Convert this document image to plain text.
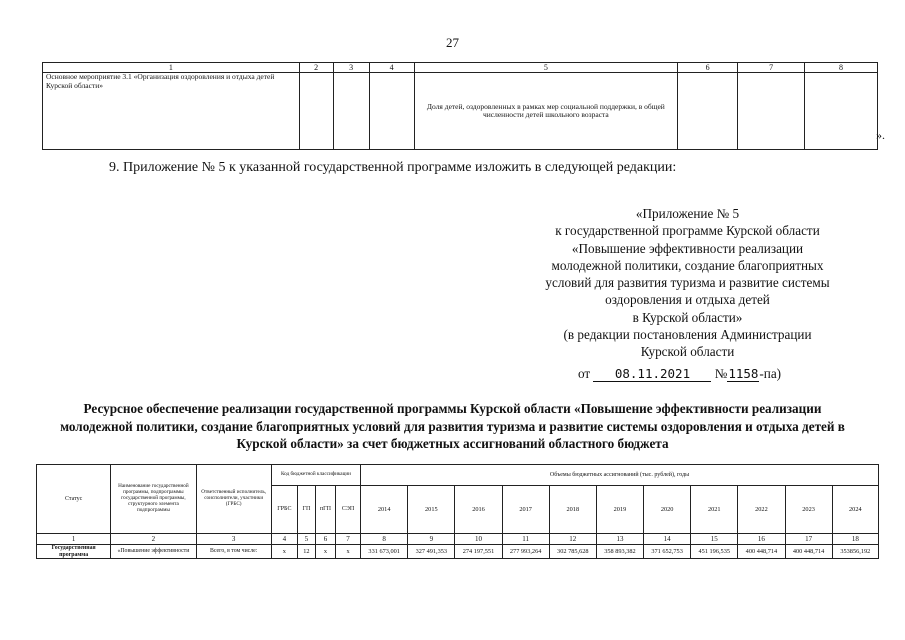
27
1	2	3	4	5	6	7	8
Основное мероприятие 3.1 «Организация оздоровления и отдыха детей Курской области»				Доля детей, оздоровленных в рамках мер социальной поддержки, в общей численности детей школьного возраста			
».
9. Приложение № 5 к указанной государственной программе изложить в следующей редакции:
«Приложение № 5
к государственной программе Курской области
«Повышение эффективности реализации
молодежной политики, создание благоприятных
условий для развития туризма и развитие системы
оздоровления и отдыха детей
в Курской области»
(в редакции постановления Администрации
Курской области
от 08.11.2021 №1158-па)
Ресурсное обеспечение реализации государственной программы Курской области «Повышение эффективности реализации молодежной политики, создание благоприятных условий для развития туризма и развитие системы оздоровления и отдыха детей в Курской области» за счет бюджетных ассигнований областного бюджета
Статус	Наименование государственной программы, подпрограммы государственной программы, структурного элемента подпрограммы	Ответственный исполнитель, соисполнители, участники (ГРБС)	Код бюджетной классификации				Объемы бюджетных ассигнований (тыс. рублей), годы										
			ГРБС	ГП	пГП	СЭП	2014	2015	2016	2017	2018	2019	2020	2021	2022	2023	2024
1	2	3	4	5	6	7	8	9	10	11	12	13	14	15	16	17	18
Государственная программа	«Повышение эффективности	Всего, в том числе:	х	12	х	х	331 673,001	327 491,353	274 197,551	277 993,264	302 785,628	358 893,382	371 652,753	451 196,535	400 448,714	400 448,714	353856,192
